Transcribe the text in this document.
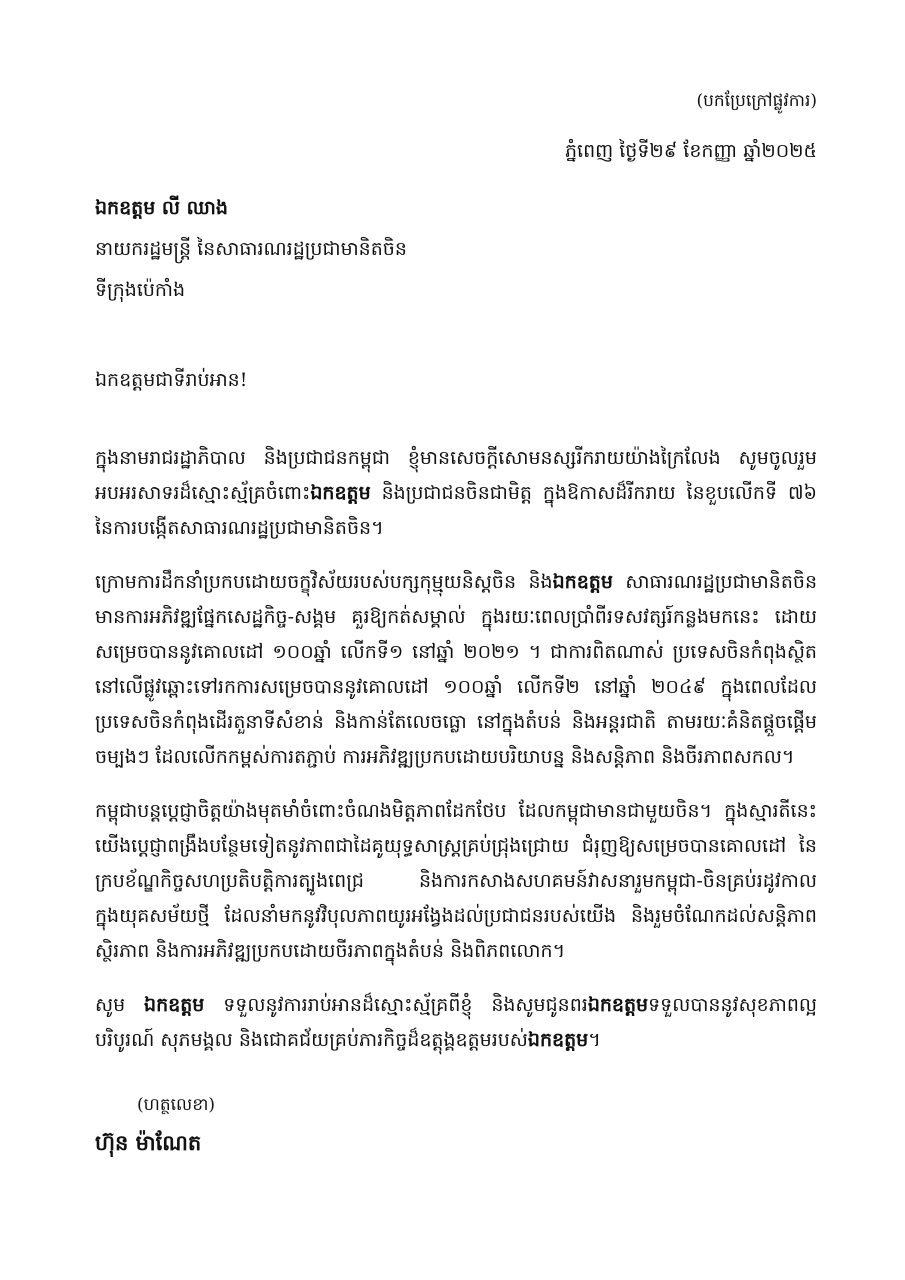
(បកប្រែក្រៅផ្លូវការ)
ភ្នំពេញ ថ្ងៃទី២៩ ខែកញ្ញា ឆ្នាំ២០២៥
ឯកឧត្តម លី ឈាង
នាយករដ្ឋមន្ត្រី នៃសាធារណរដ្ឋប្រជាមានិតចិន
ទីក្រុងប៉េកាំង
ឯកឧត្តមជាទីរាប់អាន!

ក្នុងនាមរាជរដ្ឋាភិបាល និងប្រជាជនកម្ពុជា ខ្ញុំមានសេចក្តីសោមនស្សរីករាយយ៉ាងក្រៃលែង សូមចូលរួមអបអរសាទរដ៏ស្មោះស្ម័គ្រចំពោះឯកឧត្តម និងប្រជាជនចិនជាមិត្ត ក្នុងឱកាសដ៏រីករាយ នៃខួបលើកទី ៧៦ នៃការបង្កើតសាធារណរដ្ឋប្រជាមានិតចិន។

ក្រោមការដឹកនាំប្រកបដោយចក្ខុវិស័យរបស់បក្សកុម្មុយនិស្តចិន និងឯកឧត្តម សាធារណរដ្ឋប្រជាមានិតចិនមានការអភិវឌ្ឍផ្នែកសេដ្ឋកិច្ច-សង្គម គួរឱ្យកត់សម្គាល់ ក្នុងរយៈពេលប្រាំពីរទសវត្សរ៍កន្លងមកនេះ ដោយសម្រេចបាននូវគោលដៅ ១០០ឆ្នាំ លើកទី១ នៅឆ្នាំ ២០២១ ។ ជាការពិតណាស់ ប្រទេសចិនកំពុងស្ថិតនៅលើផ្លូវឆ្ពោះទៅរកការសម្រេចបាននូវគោលដៅ ១០០ឆ្នាំ លើកទី២ នៅឆ្នាំ ២០៤៩ ក្នុងពេលដែលប្រទេសចិនកំពុងដើរតួនាទីសំខាន់ និងកាន់តែលេចធ្លោ នៅក្នុងតំបន់ និងអន្តរជាតិ តាមរយៈគំនិតផ្តួចផ្តើមចម្បងៗ ដែលលើកកម្ពស់ការតភ្ជាប់ ការអភិវឌ្ឍប្រកបដោយបរិយាបន្ន និងសន្តិភាព និងចីរភាពសកល។

កម្ពុជាបន្តប្តេជ្ញាចិត្តយ៉ាងមុតមាំចំពោះចំណងមិត្តភាពដែកថែប ដែលកម្ពុជាមានជាមួយចិន។ ក្នុងស្មារតីនេះ យើងប្តេជ្ញាពង្រឹងបន្ថែមទៀតនូវភាពជាដៃគូយុទ្ធសាស្ត្រគ្រប់ជ្រុងជ្រោយ ជំរុញឱ្យសម្រេចបានគោលដៅ នៃក្របខ័ណ្ឌកិច្ចសហប្រតិបត្តិការត្បូងពេជ្រ និងការកសាងសហគមន៍វាសនារួមកម្ពុជា-ចិនគ្រប់រដូវកាល ក្នុងយុគសម័យថ្មី ដែលនាំមកនូវវិបុលភាពយូរអង្វែងដល់ប្រជាជនរបស់យើង និងរួមចំណែកដល់សន្តិភាព ស្ថិរភាព និងការអភិវឌ្ឍប្រកបដោយចីរភាពក្នុងតំបន់ និងពិភពលោក។

សូម ឯកឧត្តម ទទួលនូវការរាប់អានដ៏ស្មោះស្ម័គ្រពីខ្ញុំ និងសូមជូនពរឯកឧត្តមទទួលបាននូវសុខភាពល្អបរិបូរណ៍ សុភមង្គល និងជោគជ័យគ្រប់ភារកិច្ចដ៏ឧត្តុង្គឧត្តមរបស់ឯកឧត្តម។

(ហត្ថលេខា)
ហ៊ុន ម៉ាណែត
